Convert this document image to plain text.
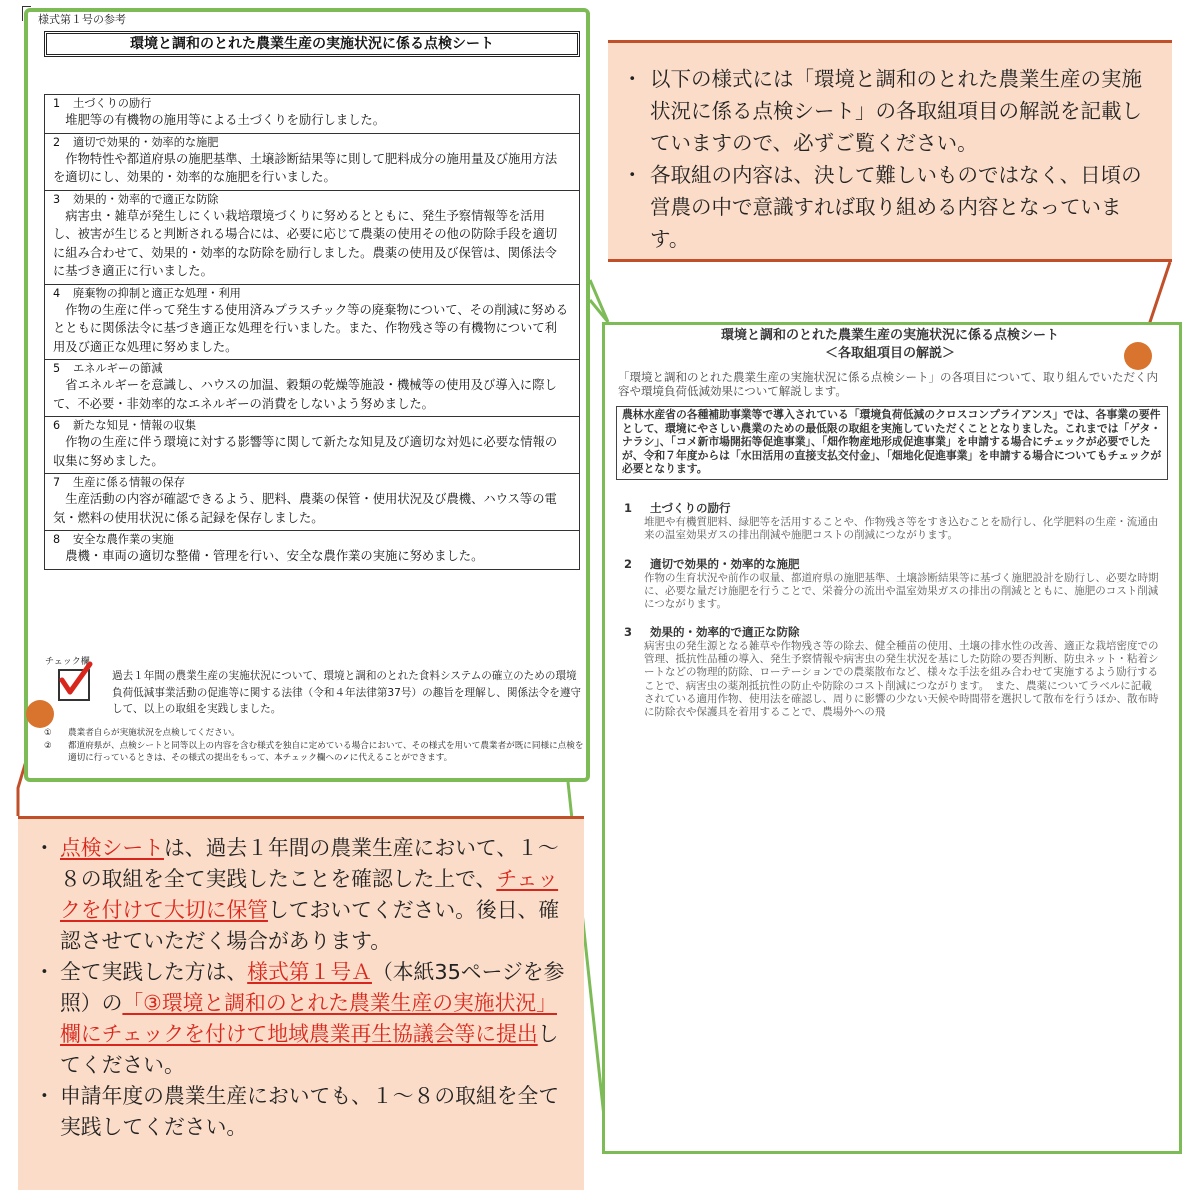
様式第１号の参考
環境と調和のとれた農業生産の実施状況に係る点検シート
1 土づくりの励行
堆肥等の有機物の施用等による土づくりを励行しました。
2 適切で効果的・効率的な施肥
作物特性や都道府県の施肥基準、土壌診断結果等に則して肥料成分の施用量及び施用方法を適切にし、効果的・効率的な施肥を行いました。
3 効果的・効率的で適正な防除
病害虫・雑草が発生しにくい栽培環境づくりに努めるとともに、発生予察情報等を活用し、被害が生じると判断される場合には、必要に応じて農薬の使用その他の防除手段を適切に組み合わせて、効果的・効率的な防除を励行しました。農薬の使用及び保管は、関係法令に基づき適正に行いました。
4 廃棄物の抑制と適正な処理・利用
作物の生産に伴って発生する使用済みプラスチック等の廃棄物について、その削減に努めるとともに関係法令に基づき適正な処理を行いました。また、作物残さ等の有機物について利用及び適正な処理に努めました。
5 エネルギーの節減
省エネルギーを意識し、ハウスの加温、穀類の乾燥等施設・機械等の使用及び導入に際して、不必要・非効率的なエネルギーの消費をしないよう努めました。
6 新たな知見・情報の収集
作物の生産に伴う環境に対する影響等に関して新たな知見及び適切な対処に必要な情報の収集に努めました。
7 生産に係る情報の保存
生産活動の内容が確認できるよう、肥料、農薬の保管・使用状況及び農機、ハウス等の電気・燃料の使用状況に係る記録を保存しました。
8 安全な農作業の実施
農機・車両の適切な整備・管理を行い、安全な農作業の実施に努めました。
チェック欄
過去１年間の農業生産の実施状況について、環境と調和のとれた食料システムの確立のための環境負荷低減事業活動の促進等に関する法律（令和４年法律第37号）の趣旨を理解し、関係法令を遵守して、以上の取組を実践しました。
①	農業者自らが実施状況を点検してください。
②	都道府県が、点検シートと同等以上の内容を含む様式を独自に定めている場合において、その様式を用いて農業者が既に同様に点検を適切に行っているときは、その様式の提出をもって、本チェック欄への✓に代えることができます。
・ 以下の様式には「環境と調和のとれた農業生産の実施状況に係る点検シート」の各取組項目の解説を記載していますので、必ずご覧ください。
・ 各取組の内容は、決して難しいものではなく、日頃の営農の中で意識すれば取り組める内容となっています。
環境と調和のとれた農業生産の実施状況に係る点検シート
＜各取組項目の解説＞
「環境と調和のとれた農業生産の実施状況に係る点検シート」の各項目について、取り組んでいただく内容や環境負荷低減効果について解説します。
農林水産省の各種補助事業等で導入されている「環境負荷低減のクロスコンプライアンス」では、各事業の要件として、環境にやさしい農業のための最低限の取組を実施していただくこととなりました。これまでは「ゲタ・ナラシ」、「コメ新市場開拓等促進事業」、「畑作物産地形成促進事業」を申請する場合にチェックが必要でしたが、令和７年度からは「水田活用の直接支払交付金」、「畑地化促進事業」を申請する場合についてもチェックが必要となります。
1 土づくりの励行
堆肥や有機質肥料、緑肥等を活用することや、作物残さ等をすき込むことを励行し、化学肥料の生産・流通由来の温室効果ガスの排出削減や施肥コストの削減につながります。
2 適切で効果的・効率的な施肥
作物の生育状況や前作の収量、都道府県の施肥基準、土壌診断結果等に基づく施肥設計を励行し、必要な時期に、必要な量だけ施肥を行うことで、栄養分の流出や温室効果ガスの排出の削減とともに、施肥のコスト削減につながります。
3 効果的・効率的で適正な防除
病害虫の発生源となる雑草や作物残さ等の除去、健全種苗の使用、土壌の排水性の改善、適正な栽培密度での管理、抵抗性品種の導入、発生予察情報や病害虫の発生状況を基にした防除の要否判断、防虫ネット・粘着シートなどの物理的防除、ローテーションでの農薬散布など、様々な手法を組み合わせて実施するよう励行することで、病害虫の薬剤抵抗性の防止や防除のコスト削減につながります。　また、農薬についてラベルに記載されている適用作物、使用法を確認し、周りに影響の少ない天候や時間帯を選択して散布を行うほか、散布時に防除衣や保護具を着用することで、農場外への飛
・ 点検シートは、過去１年間の農業生産において、１～８の取組を全て実践したことを確認した上で、チェックを付けて大切に保管しておいてください。後日、確認させていただく場合があります。
・ 全て実践した方は、様式第１号Ａ（本紙35ページを参照）の「③環境と調和のとれた農業生産の実施状況」欄にチェックを付けて地域農業再生協議会等に提出してください。
・ 申請年度の農業生産においても、１～８の取組を全て実践してください。
